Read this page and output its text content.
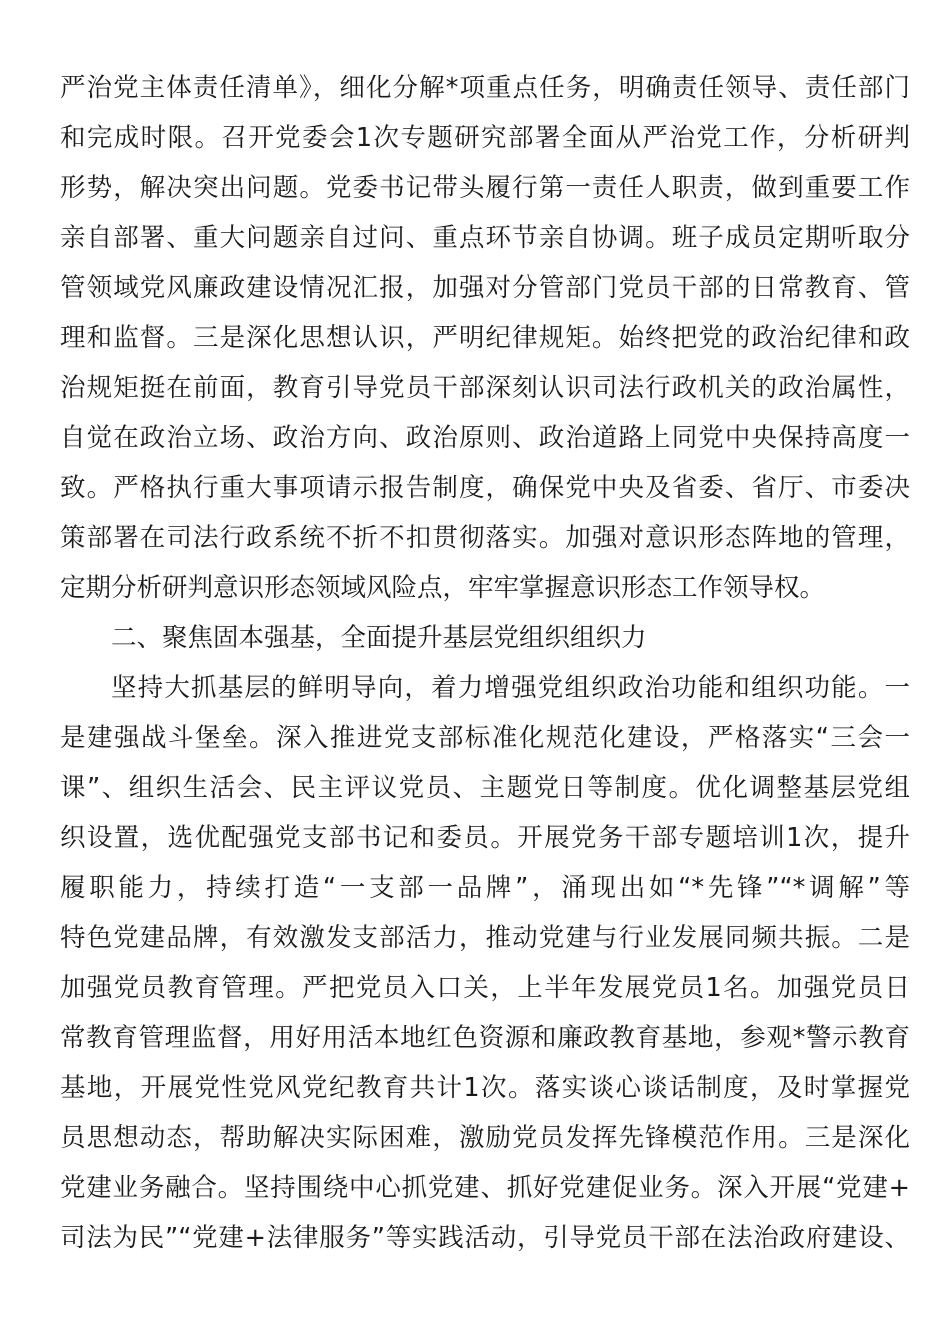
严治党主体责任清单》，细化分解*项重点任务，明确责任领导、责任部门
和完成时限。召开党委会1次专题研究部署全面从严治党工作，分析研判
形势，解决突出问题。党委书记带头履行第一责任人职责，做到重要工作
亲自部署、重大问题亲自过问、重点环节亲自协调。班子成员定期听取分
管领域党风廉政建设情况汇报，加强对分管部门党员干部的日常教育、管
理和监督。三是深化思想认识，严明纪律规矩。始终把党的政治纪律和政
治规矩挺在前面，教育引导党员干部深刻认识司法行政机关的政治属性，
自觉在政治立场、政治方向、政治原则、政治道路上同党中央保持高度一
致。严格执行重大事项请示报告制度，确保党中央及省委、省厅、市委决
策部署在司法行政系统不折不扣贯彻落实。加强对意识形态阵地的管理，
定期分析研判意识形态领域风险点，牢牢掌握意识形态工作领导权。
二、聚焦固本强基，全面提升基层党组织组织力
坚持大抓基层的鲜明导向，着力增强党组织政治功能和组织功能。一
是建强战斗堡垒。深入推进党支部标准化规范化建设，严格落实“三会一
课”、组织生活会、民主评议党员、主题党日等制度。优化调整基层党组
织设置，选优配强党支部书记和委员。开展党务干部专题培训1次，提升
履职能力，持续打造“一支部一品牌”，涌现出如“*先锋”“*调解”等
特色党建品牌，有效激发支部活力，推动党建与行业发展同频共振。二是
加强党员教育管理。严把党员入口关，上半年发展党员1名。加强党员日
常教育管理监督，用好用活本地红色资源和廉政教育基地，参观*警示教育
基地，开展党性党风党纪教育共计1次。落实谈心谈话制度，及时掌握党
员思想动态，帮助解决实际困难，激励党员发挥先锋模范作用。三是深化
党建业务融合。坚持围绕中心抓党建、抓好党建促业务。深入开展“党建+
司法为民”“党建+法律服务”等实践活动，引导党员干部在法治政府建设、
